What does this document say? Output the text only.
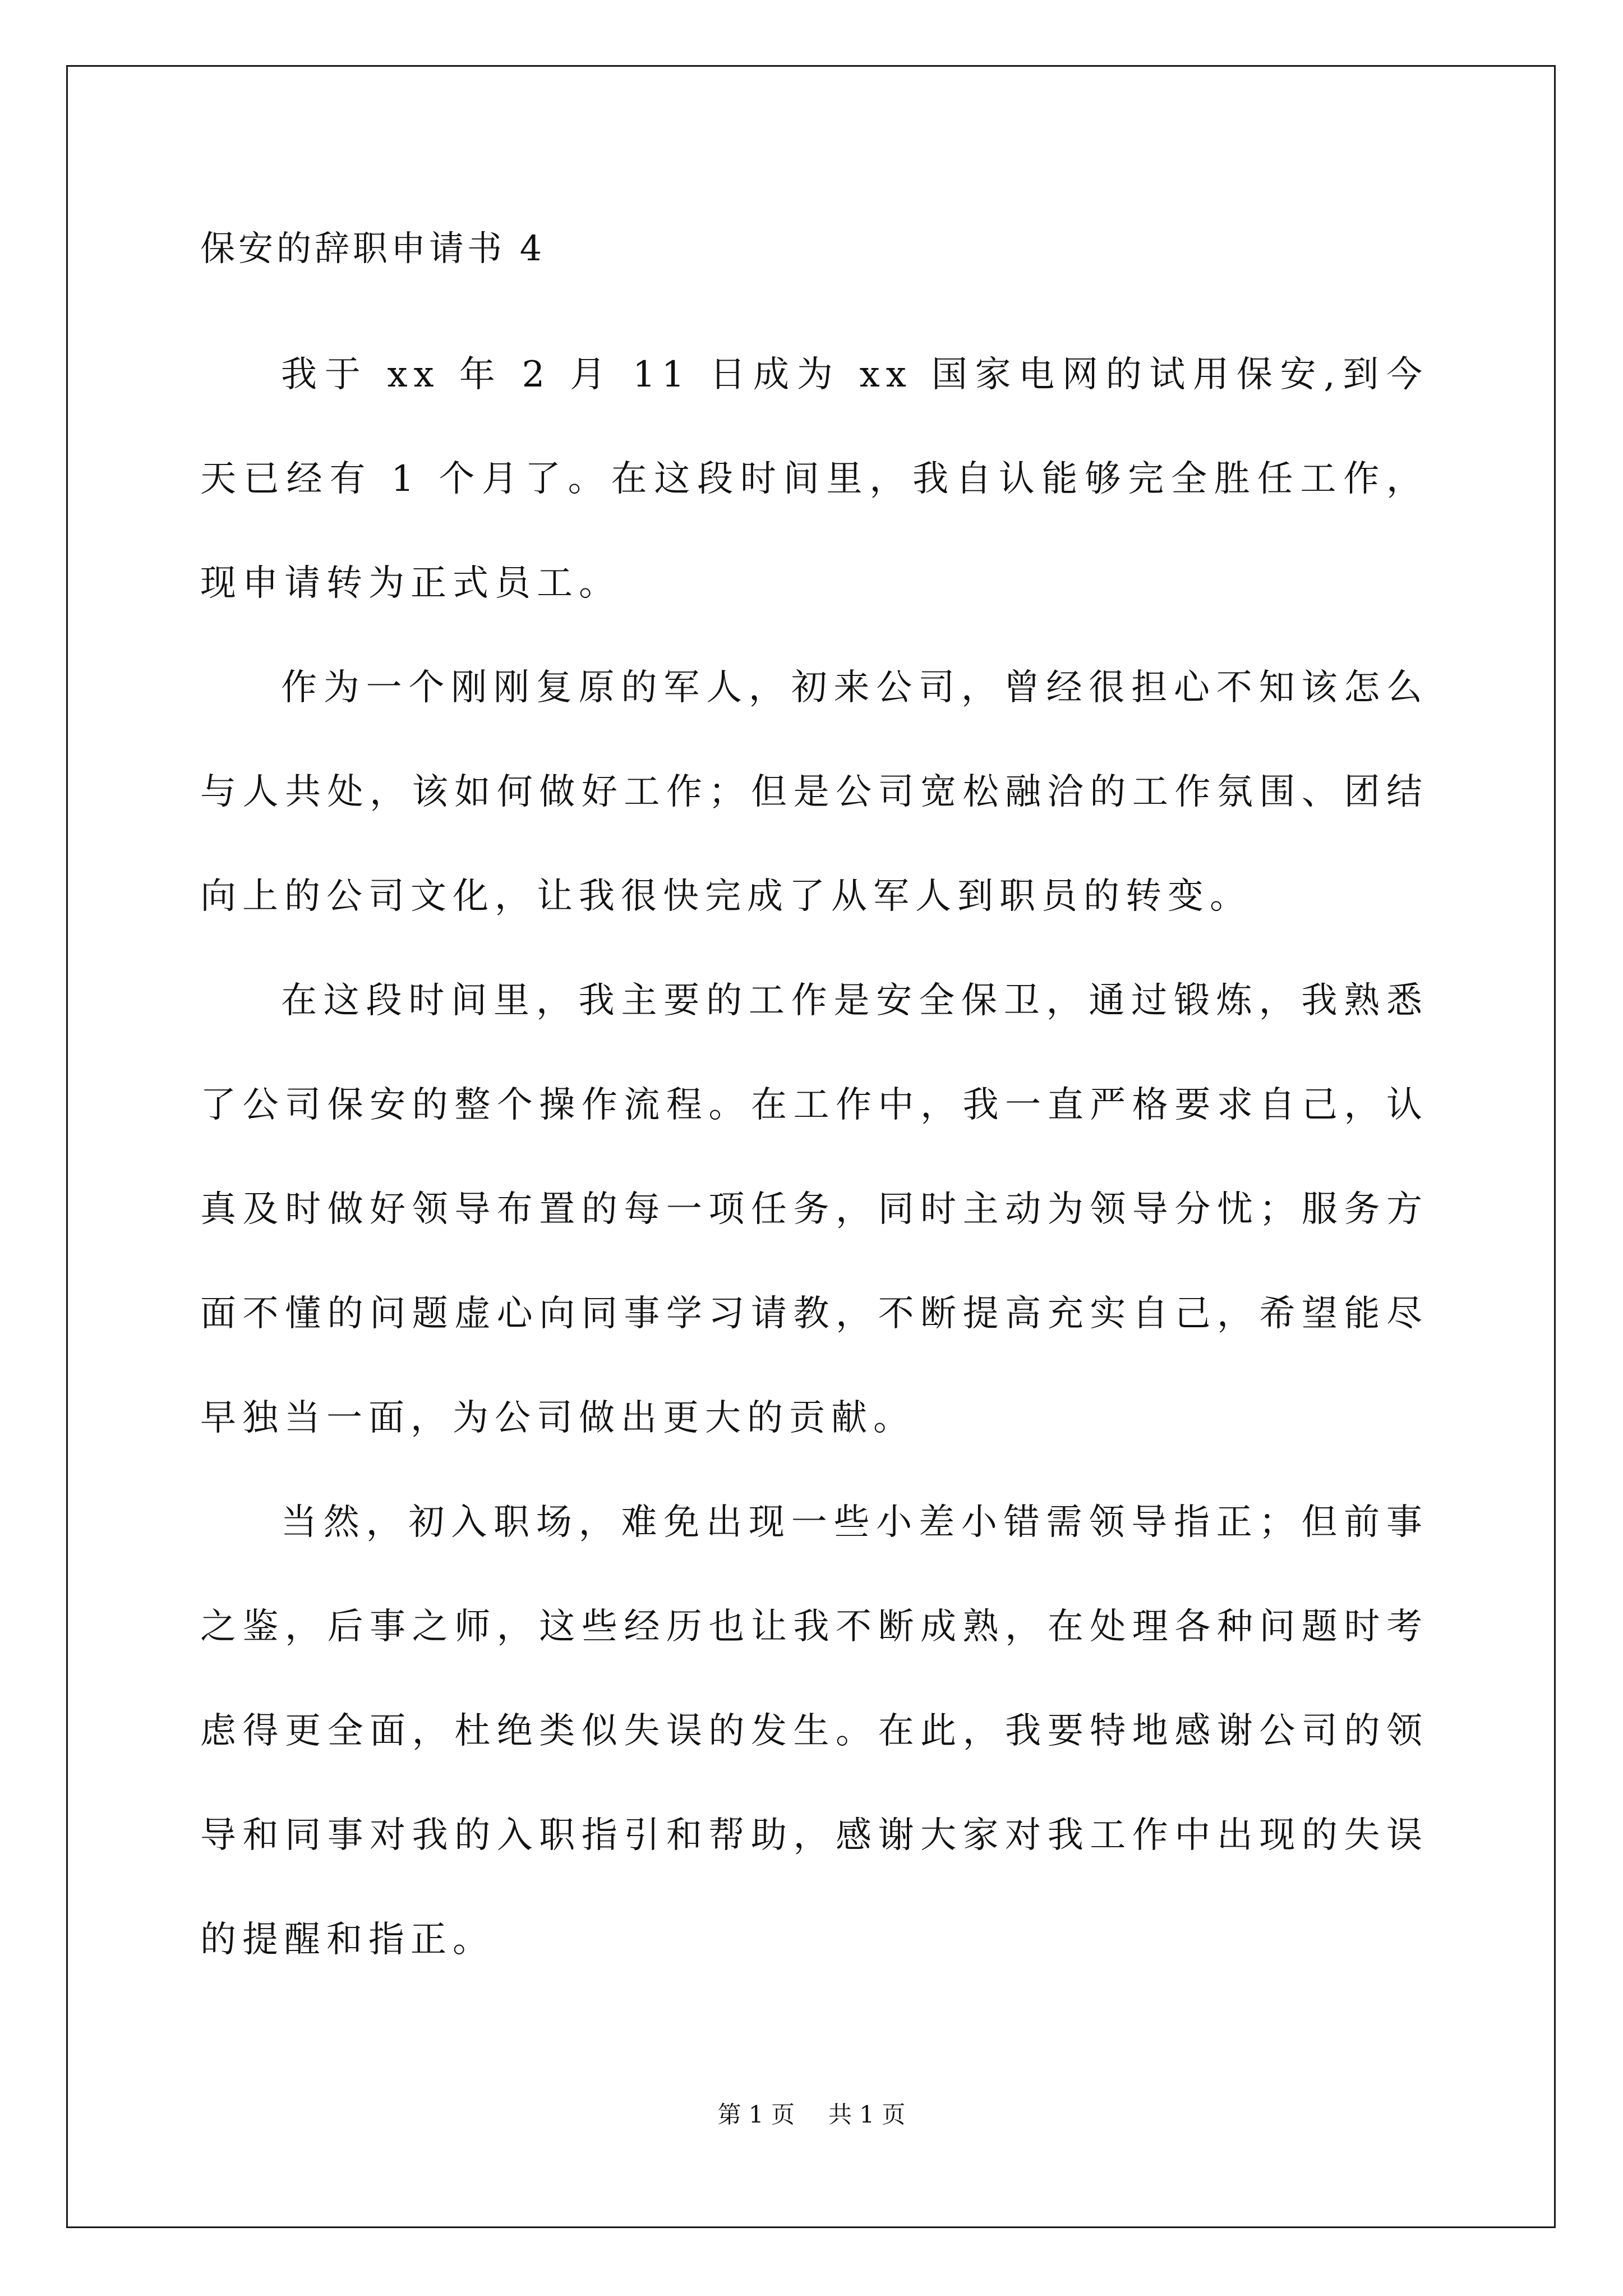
保安的辞职申请书 4

我于 xx 年 2 月 11 日成为 xx 国家电网的试用保安,到今天已经有 1 个月了。在这段时间里，我自认能够完全胜任工作，现申请转为正式员工。

作为一个刚刚复原的军人，初来公司，曾经很担心不知该怎么与人共处，该如何做好工作；但是公司宽松融洽的工作氛围、团结向上的公司文化，让我很快完成了从军人到职员的转变。

在这段时间里，我主要的工作是安全保卫，通过锻炼，我熟悉了公司保安的整个操作流程。在工作中，我一直严格要求自己，认真及时做好领导布置的每一项任务，同时主动为领导分忧；服务方面不懂的问题虚心向同事学习请教，不断提高充实自己，希望能尽早独当一面，为公司做出更大的贡献。

当然，初入职场，难免出现一些小差小错需领导指正；但前事之鉴，后事之师，这些经历也让我不断成熟，在处理各种问题时考虑得更全面，杜绝类似失误的发生。在此，我要特地感谢公司的领导和同事对我的入职指引和帮助，感谢大家对我工作中出现的失误的提醒和指正。

第 1 页 共 1 页
